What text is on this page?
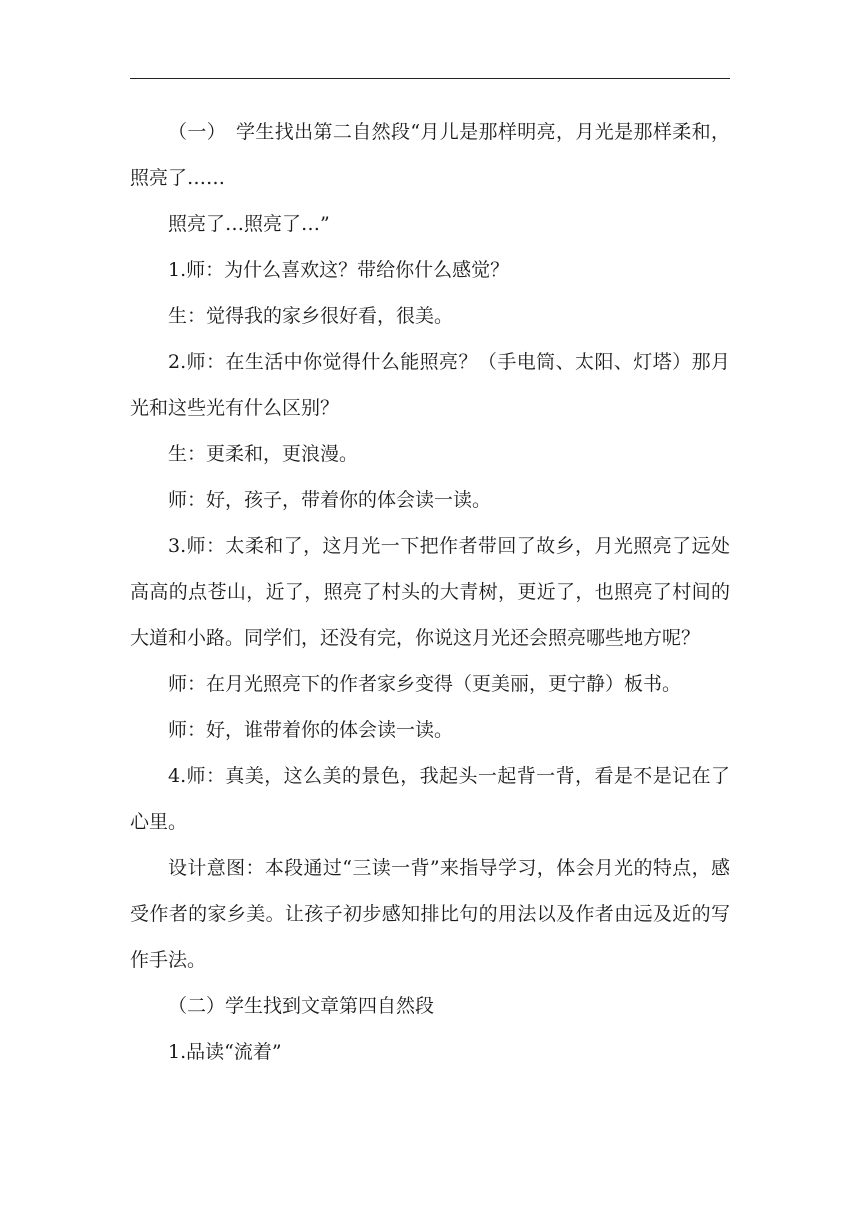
（一）　学生找出第二自然段“月儿是那样明亮，月光是那样柔和，照亮了……

照亮了…照亮了…”

1.师：为什么喜欢这？带给你什么感觉？

生：觉得我的家乡很好看，很美。

2.师：在生活中你觉得什么能照亮？（手电筒、太阳、灯塔）那月光和这些光有什么区别？

生：更柔和，更浪漫。

师：好，孩子，带着你的体会读一读。

3.师：太柔和了，这月光一下把作者带回了故乡，月光照亮了远处高高的点苍山，近了，照亮了村头的大青树，更近了，也照亮了村间的大道和小路。同学们，还没有完，你说这月光还会照亮哪些地方呢？

师：在月光照亮下的作者家乡变得（更美丽，更宁静）板书。

师：好，谁带着你的体会读一读。

4.师：真美，这么美的景色，我起头一起背一背，看是不是记在了心里。

设计意图：本段通过“三读一背”来指导学习，体会月光的特点，感受作者的家乡美。让孩子初步感知排比句的用法以及作者由远及近的写作手法。

（二）学生找到文章第四自然段

1.品读“流着”
